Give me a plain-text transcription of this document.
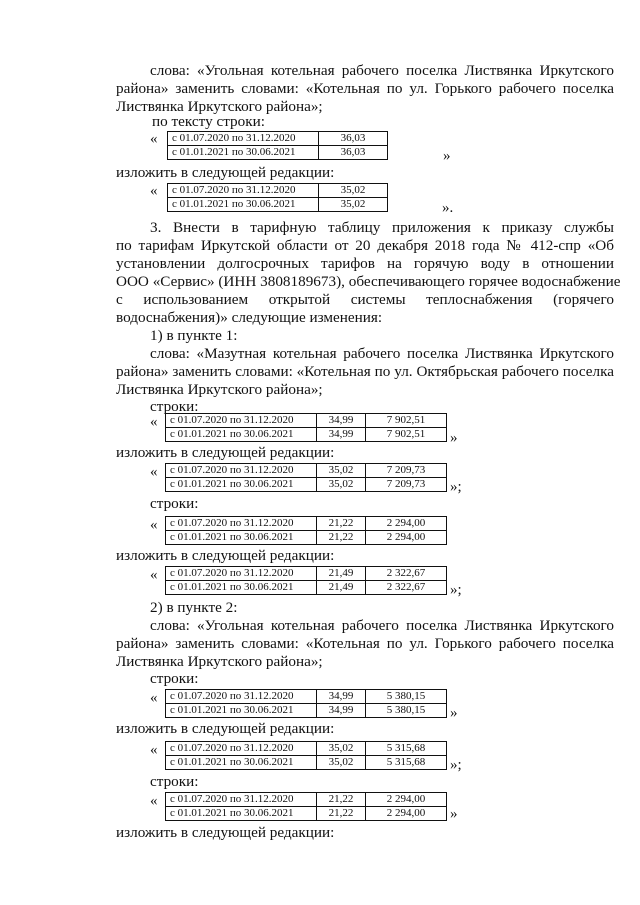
слова: «Угольная котельная рабочего поселка Листвянка Иркутского
района» заменить словами: «Котельная по ул. Горького рабочего поселка
Листвянка Иркутского района»;
по тексту строки:
« с 01.07.2020 по 31.12.2020	36,03
с 01.01.2021 по 30.06.2021	36,03	»
изложить в следующей редакции:
« с 01.07.2020 по 31.12.2020	35,02
с 01.01.2021 по 30.06.2021	35,02	».
3. Внести в тарифную таблицу приложения к приказу службы
по тарифам Иркутской области от 20 декабря 2018 года № 412-спр «Об
установлении долгосрочных тарифов на горячую воду в отношении
ООО «Сервис» (ИНН 3808189673), обеспечивающего горячее водоснабжение
с использованием открытой системы теплоснабжения (горячего
водоснабжения)» следующие изменения:
1) в пункте 1:
слова: «Мазутная котельная рабочего поселка Листвянка Иркутского
района» заменить словами: «Котельная по ул. Октябрьская рабочего поселка
Листвянка Иркутского района»;
строки:
« с 01.07.2020 по 31.12.2020	34,99	7 902,51
с 01.01.2021 по 30.06.2021	34,99	7 902,51 »
изложить в следующей редакции:
« с 01.07.2020 по 31.12.2020	35,02	7 209,73
с 01.01.2021 по 30.06.2021	35,02	7 209,73 »;
строки:
« с 01.07.2020 по 31.12.2020	21,22	2 294,00
с 01.01.2021 по 30.06.2021	21,22	2 294,00
изложить в следующей редакции:
« с 01.07.2020 по 31.12.2020	21,49	2 322,67
с 01.01.2021 по 30.06.2021	21,49	2 322,67 »;
2) в пункте 2:
слова: «Угольная котельная рабочего поселка Листвянка Иркутского
района» заменить словами: «Котельная по ул. Горького рабочего поселка
Листвянка Иркутского района»;
строки:
« с 01.07.2020 по 31.12.2020	34,99	5 380,15
с 01.01.2021 по 30.06.2021	34,99	5 380,15 »
изложить в следующей редакции:
« с 01.07.2020 по 31.12.2020	35,02	5 315,68
с 01.01.2021 по 30.06.2021	35,02	5 315,68 »;
строки:
« с 01.07.2020 по 31.12.2020	21,22	2 294,00
с 01.01.2021 по 30.06.2021	21,22	2 294,00 »
изложить в следующей редакции:
